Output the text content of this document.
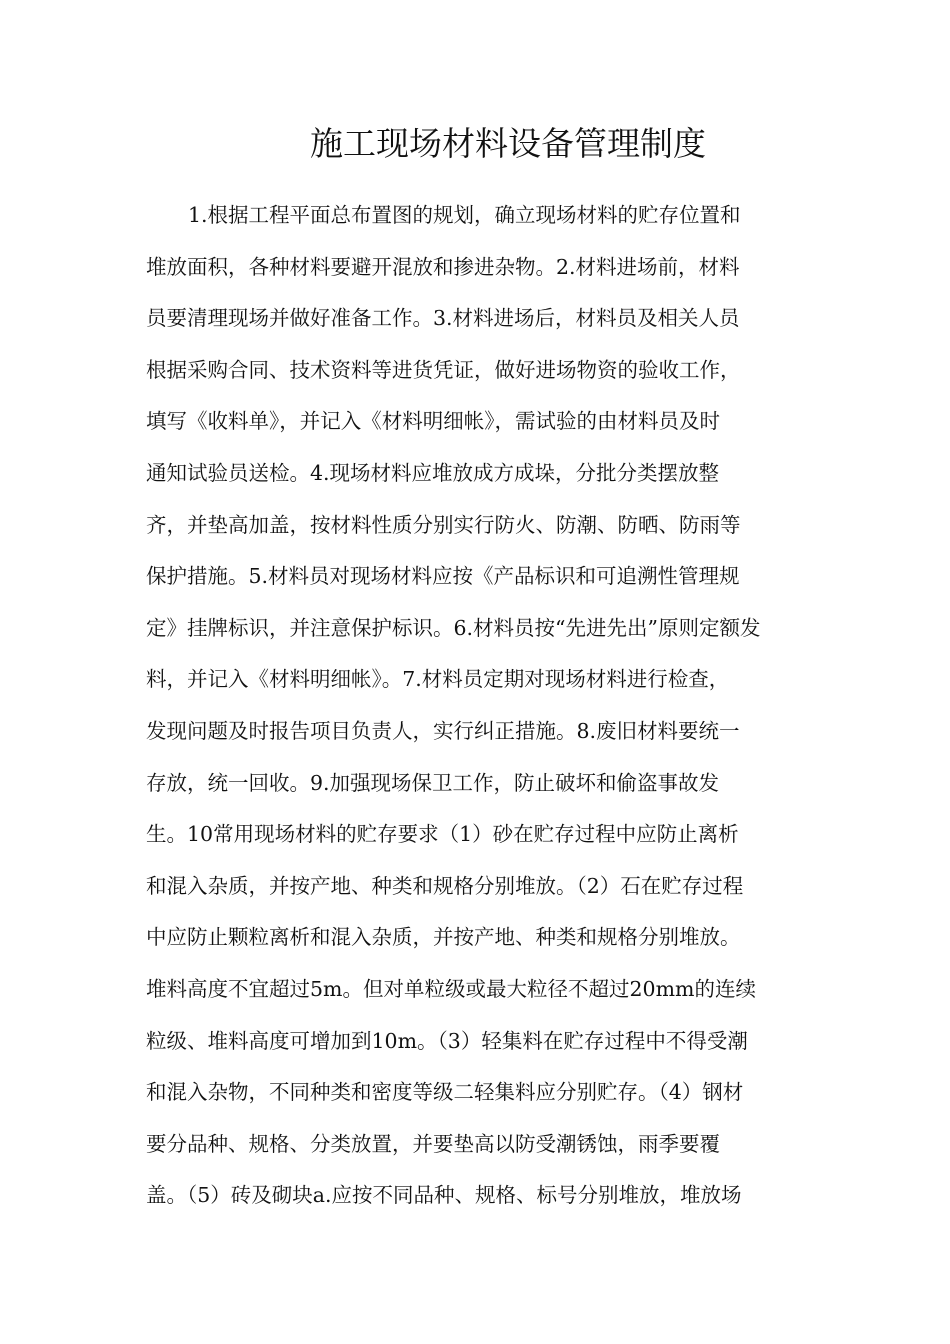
施工现场材料设备管理制度
1.根据工程平面总布置图的规划，确立现场材料的贮存位置和
堆放面积，各种材料要避开混放和掺进杂物。2.材料进场前，材料
员要清理现场并做好准备工作。3.材料进场后，材料员及相关人员
根据采购合同、技术资料等进货凭证，做好进场物资的验收工作，
填写《收料单》，并记入《材料明细帐》，需试验的由材料员及时
通知试验员送检。4.现场材料应堆放成方成垛，分批分类摆放整
齐，并垫高加盖，按材料性质分别实行防火、防潮、防晒、防雨等
保护措施。5.材料员对现场材料应按《产品标识和可追溯性管理规
定》挂牌标识，并注意保护标识。6.材料员按“先进先出”原则定额发
料，并记入《材料明细帐》。7.材料员定期对现场材料进行检查，
发现问题及时报告项目负责人，实行纠正措施。8.废旧材料要统一
存放，统一回收。9.加强现场保卫工作，防止破坏和偷盗事故发
生。10常用现场材料的贮存要求（1）砂在贮存过程中应防止离析
和混入杂质，并按产地、种类和规格分别堆放。（2）石在贮存过程
中应防止颗粒离析和混入杂质，并按产地、种类和规格分别堆放。
堆料高度不宜超过5m。但对单粒级或最大粒径不超过20mm的连续
粒级、堆料高度可增加到10m。（3）轻集料在贮存过程中不得受潮
和混入杂物，不同种类和密度等级二轻集料应分别贮存。（4）钢材
要分品种、规格、分类放置，并要垫高以防受潮锈蚀，雨季要覆
盖。（5）砖及砌块a.应按不同品种、规格、标号分别堆放，堆放场
